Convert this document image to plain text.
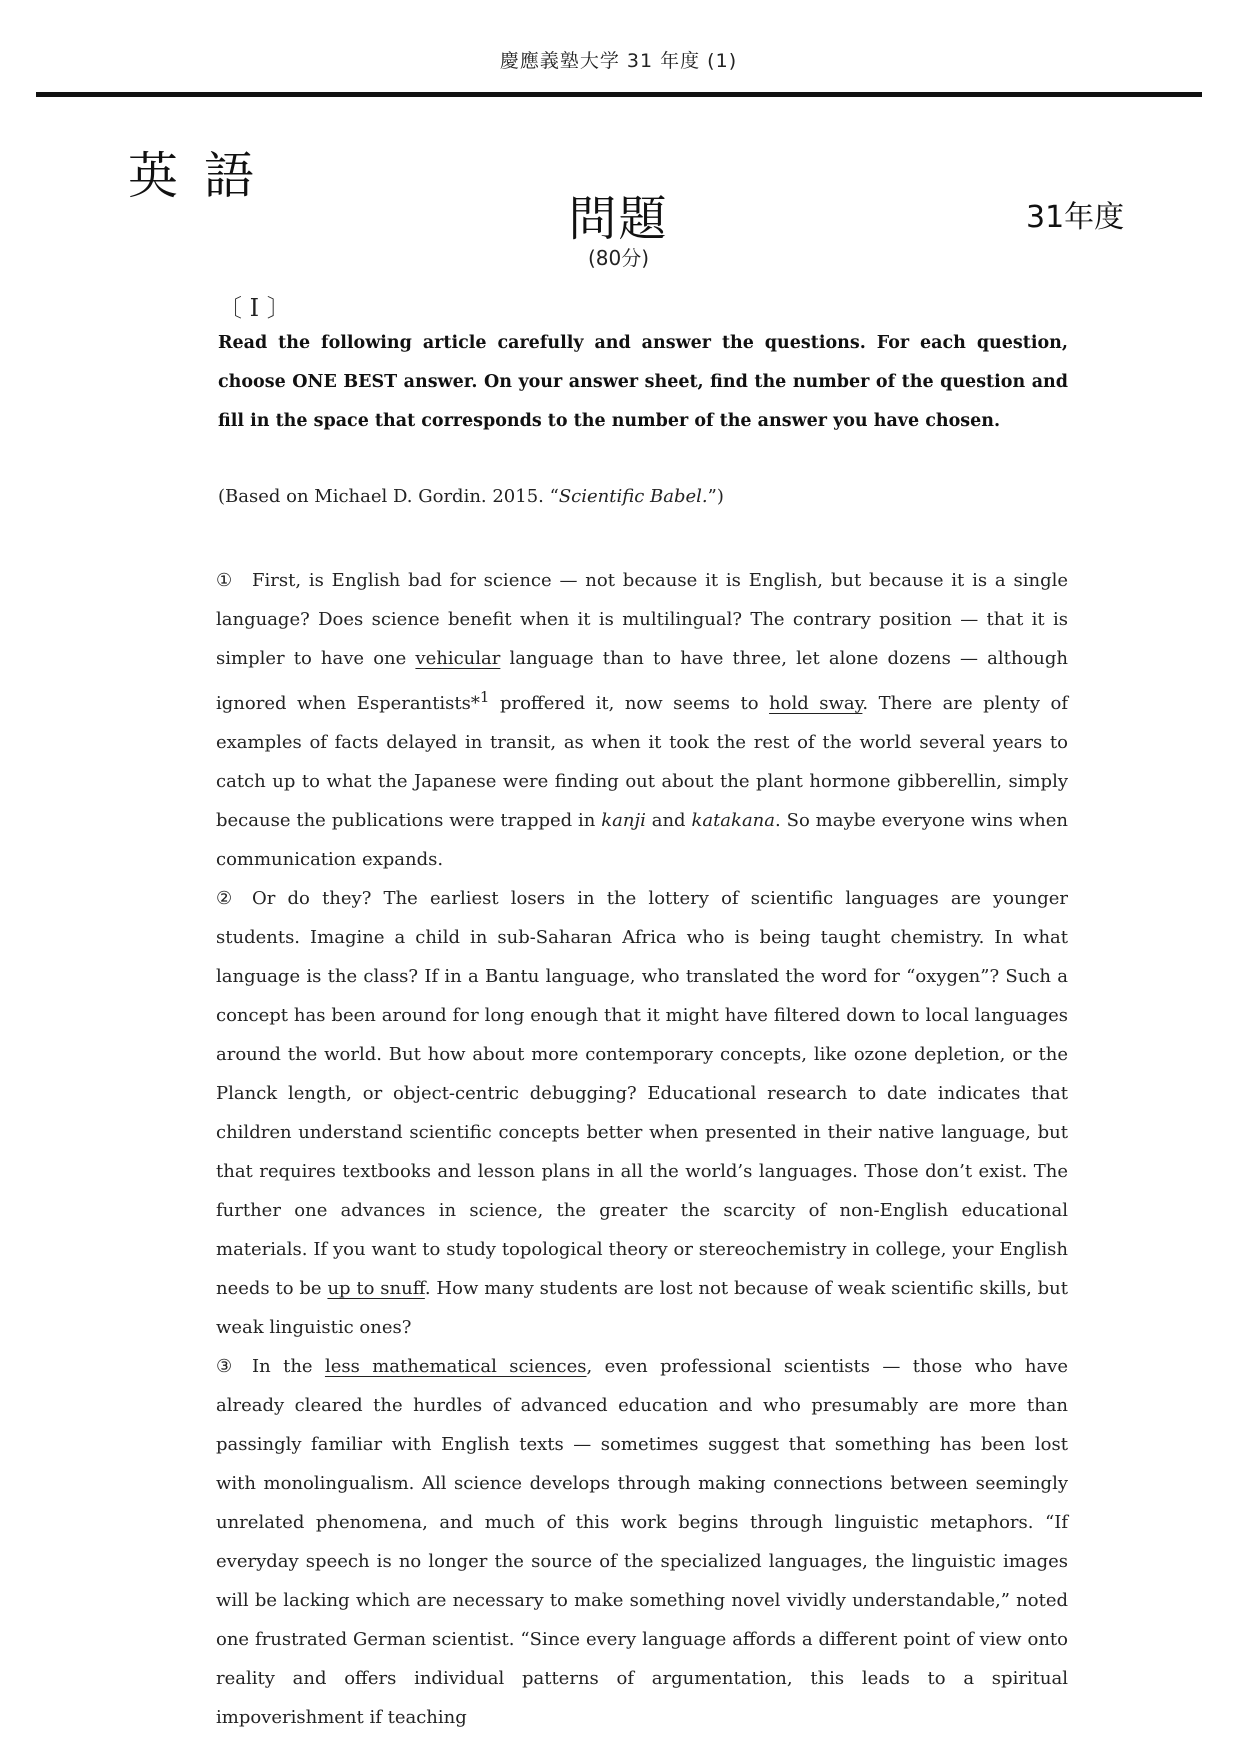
慶應義塾大学 31 年度 (1)
英語
問題
(80分)
31年度
〔 I 〕
Read the following article carefully and answer the questions. For each question, choose ONE BEST answer. On your answer sheet, find the number of the question and fill in the space that corresponds to the number of the answer you have chosen.
(Based on Michael D. Gordin. 2015. “Scientific Babel.”)

① First, is English bad for science — not because it is English, but because it is a single language? Does science benefit when it is multilingual? The contrary position — that it is simpler to have one vehicular language than to have three, let alone dozens — although ignored when Esperantists*$^1$ proffered it, now seems to hold sway. There are plenty of examples of facts delayed in transit, as when it took the rest of the world several years to catch up to what the Japanese were finding out about the plant hormone gibberellin, simply because the publications were trapped in kanji and katakana. So maybe everyone wins when communication expands.

② Or do they? The earliest losers in the lottery of scientific languages are younger students. Imagine a child in sub-Saharan Africa who is being taught chemistry. In what language is the class? If in a Bantu language, who translated the word for “oxygen”? Such a concept has been around for long enough that it might have filtered down to local languages around the world. But how about more contemporary concepts, like ozone depletion, or the Planck length, or object-centric debugging? Educational research to date indicates that children understand scientific concepts better when presented in their native language, but that requires textbooks and lesson plans in all the world’s languages. Those don’t exist. The further one advances in science, the greater the scarcity of non-English educational materials. If you want to study topological theory or stereochemistry in college, your English needs to be up to snuff. How many students are lost not because of weak scientific skills, but weak linguistic ones?

③ In the less mathematical sciences, even professional scientists — those who have already cleared the hurdles of advanced education and who presumably are more than passingly familiar with English texts — sometimes suggest that something has been lost with monolingualism. All science develops through making connections between seemingly unrelated phenomena, and much of this work begins through linguistic metaphors. “If everyday speech is no longer the source of the specialized languages, the linguistic images will be lacking which are necessary to make something novel vividly understandable,” noted one frustrated German scientist. “Since every language affords a different point of view onto reality and offers individual patterns of argumentation, this leads to a spiritual impoverishment if teaching
